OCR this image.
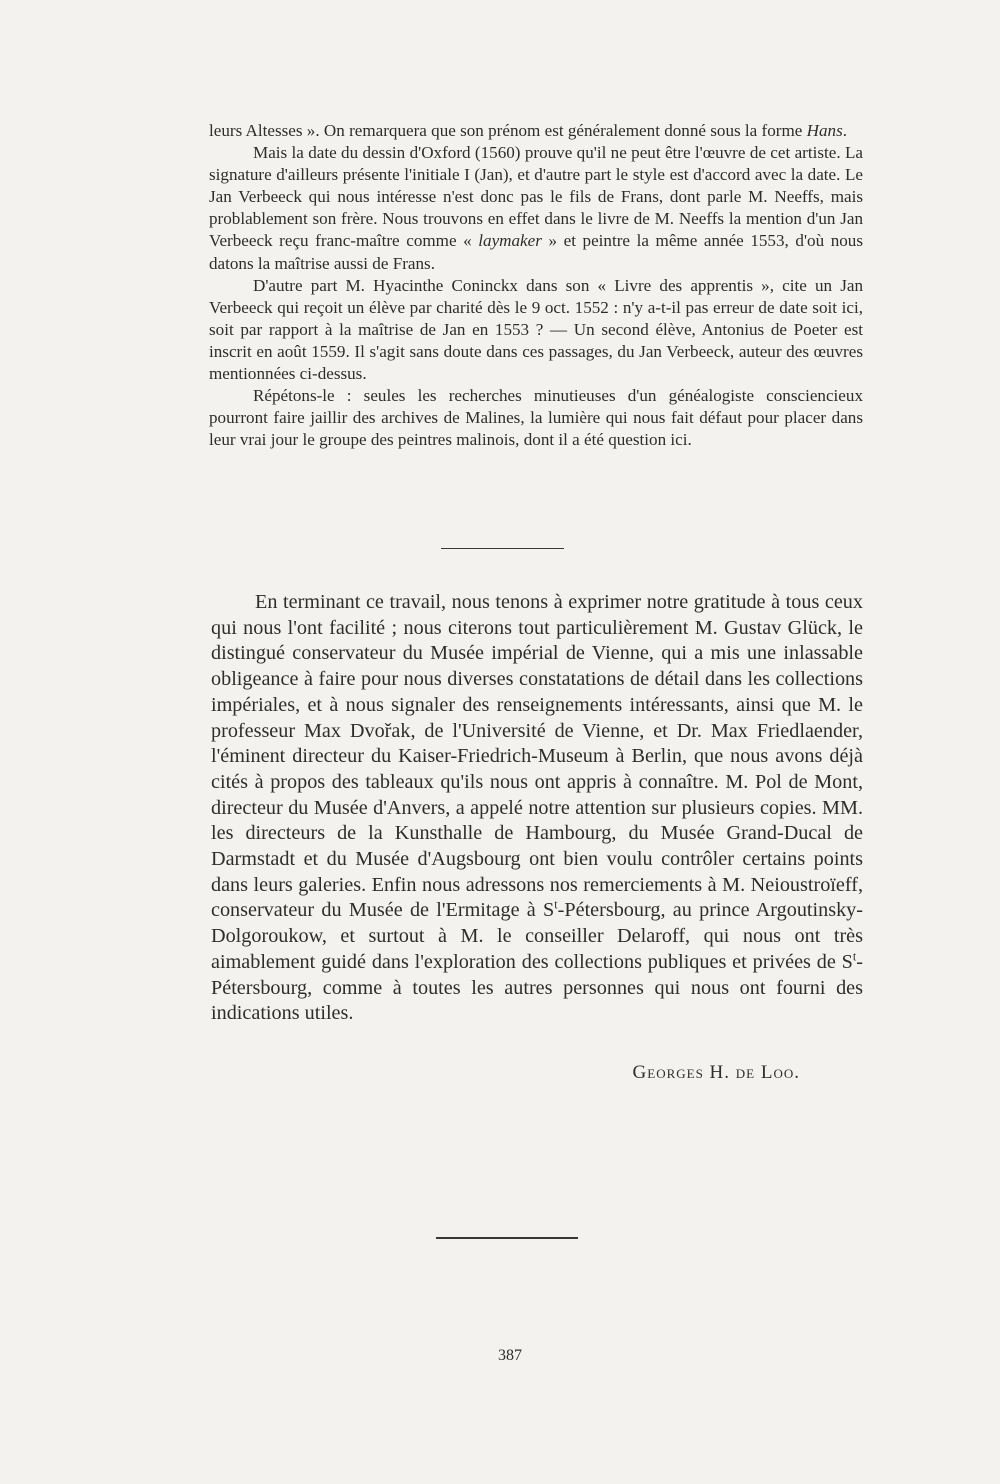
leurs Altesses ». On remarquera que son prénom est généralement donné sous la forme Hans.

Mais la date du dessin d'Oxford (1560) prouve qu'il ne peut être l'œuvre de cet artiste. La signature d'ailleurs présente l'initiale I (Jan), et d'autre part le style est d'accord avec la date. Le Jan Verbeeck qui nous intéresse n'est donc pas le fils de Frans, dont parle M. Neeffs, mais problablement son frère. Nous trouvons en effet dans le livre de M. Neeffs la mention d'un Jan Verbeeck reçu franc-maître comme « laymaker » et peintre la même année 1553, d'où nous datons la maîtrise aussi de Frans.

D'autre part M. Hyacinthe Coninckx dans son « Livre des apprentis », cite un Jan Verbeeck qui reçoit un élève par charité dès le 9 oct. 1552 : n'y a-t-il pas erreur de date soit ici, soit par rapport à la maîtrise de Jan en 1553 ? — Un second élève, Antonius de Poeter est inscrit en août 1559. Il s'agit sans doute dans ces passages, du Jan Verbeeck, auteur des œuvres mentionnées ci-dessus.

Répétons-le : seules les recherches minutieuses d'un généalogiste consciencieux pourront faire jaillir des archives de Malines, la lumière qui nous fait défaut pour placer dans leur vrai jour le groupe des peintres malinois, dont il a été question ici.

En terminant ce travail, nous tenons à exprimer notre gratitude à tous ceux qui nous l'ont facilité ; nous citerons tout particulièrement M. Gustav Glück, le distingué conservateur du Musée impérial de Vienne, qui a mis une inlassable obligeance à faire pour nous diverses constatations de détail dans les collections impériales, et à nous signaler des renseignements intéressants, ainsi que M. le professeur Max Dvořak, de l'Université de Vienne, et Dr. Max Friedlaender, l'éminent directeur du Kaiser-Friedrich-Museum à Berlin, que nous avons déjà cités à propos des tableaux qu'ils nous ont appris à connaître. M. Pol de Mont, directeur du Musée d'Anvers, a appelé notre attention sur plusieurs copies. MM. les directeurs de la Kunsthalle de Hambourg, du Musée Grand-Ducal de Darmstadt et du Musée d'Augsbourg ont bien voulu contrôler certains points dans leurs galeries. Enfin nous adressons nos remerciements à M. Neioustroïeff, conservateur du Musée de l'Ermitage à $S^t$-Pétersbourg, au prince Argoutinsky-Dolgoroukow, et surtout à M. le conseiller Delaroff, qui nous ont très aimablement guidé dans l'exploration des collections publiques et privées de $S^t$-Pétersbourg, comme à toutes les autres personnes qui nous ont fourni des indications utiles.

Georges H. de Loo.
387
